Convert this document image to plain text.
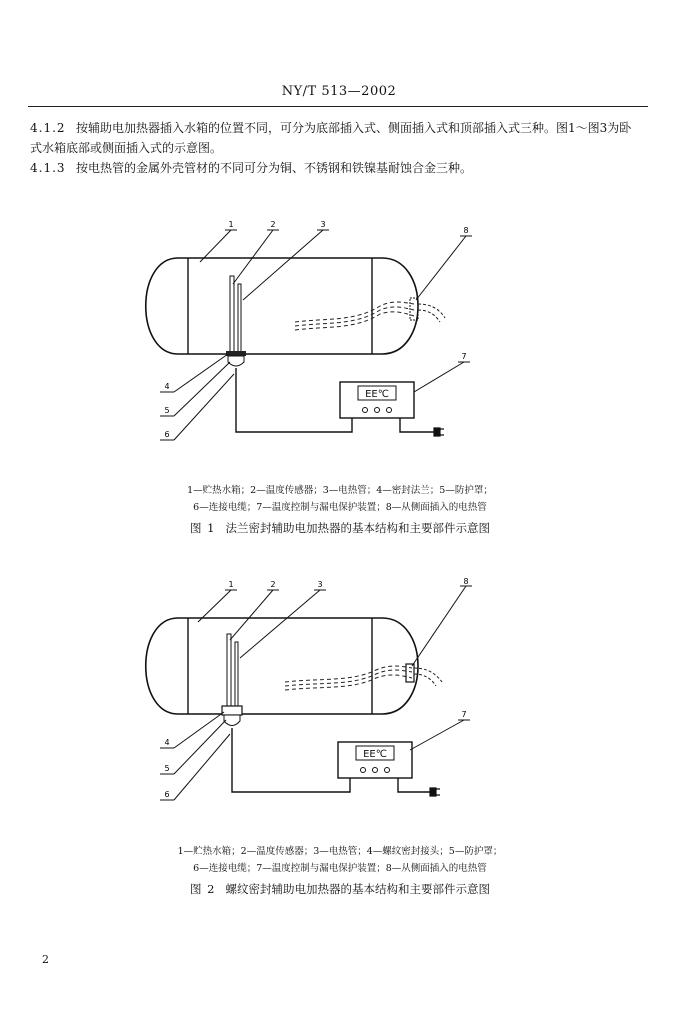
NY/T 513—2002
4.1.2 按辅助电加热器插入水箱的位置不同，可分为底部插入式、侧面插入式和顶部插入式三种。图1～图3为卧式水箱底部或侧面插入式的示意图。
4.1.3 按电热管的金属外壳管材的不同可分为铜、不锈钢和铁镍基耐蚀合金三种。
EE℃
1	2	3
4
5
6
7
8
1—贮热水箱；2—温度传感器；3—电热管；4—密封法兰；5—防护罩；
6—连接电缆；7—温度控制与漏电保护装置；8—从侧面插入的电热管
图 1 法兰密封辅助电加热器的基本结构和主要部件示意图
EE℃
1	2	3
4
5
6
7
8
1—贮热水箱；2—温度传感器；3—电热管；4—螺纹密封接头；5—防护罩；
6—连接电缆；7—温度控制与漏电保护装置；8—从侧面插入的电热管
图 2 螺纹密封辅助电加热器的基本结构和主要部件示意图
2
